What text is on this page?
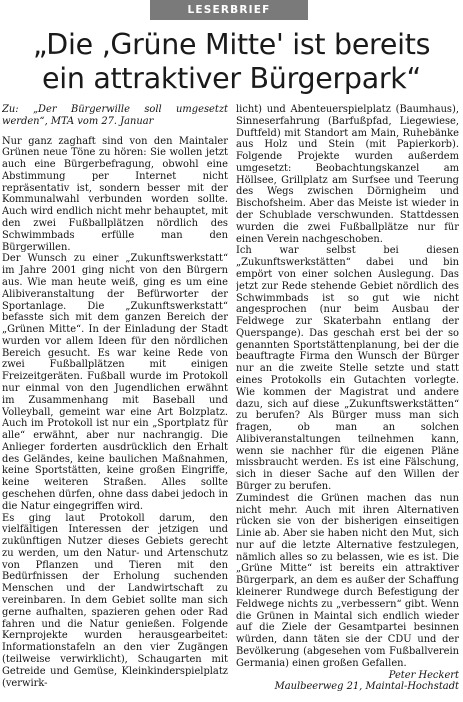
LESERBRIEF
„Die ‚Grüne Mitte' ist bereits
ein attraktiver Bürgerpark“

Zu: „Der Bürgerwille soll umgesetzt werden“, MTA vom 27. Januar

Nur ganz zaghaft sind von den Maintaler Grünen neue Töne zu hören: Sie wollen jetzt auch eine Bürgerbefragung, obwohl eine Abstimmung per Internet nicht repräsentativ ist, sondern besser mit der Kommunalwahl verbunden worden sollte. Auch wird endlich nicht mehr behauptet, mit den zwei Fußballplätzen nördlich des Schwimmbads erfülle man den Bürgerwillen.

Der Wunsch zu einer „Zukunftswerkstatt“ im Jahre 2001 ging nicht von den Bürgern aus. Wie man heute weiß, ging es um eine Alibiveranstaltung der Befürworter der Sportanlage. Die „Zukunftswerkstatt“ befasste sich mit dem ganzen Bereich der „Grünen Mitte“. In der Einladung der Stadt wurden vor allem Ideen für den nördlichen Bereich gesucht. Es war keine Rede von zwei Fußballplätzen mit einigen Freizeitgeräten. Fußball wurde im Protokoll nur einmal von den Jugendlichen erwähnt im Zusammenhang mit Baseball und Volleyball, gemeint war eine Art Bolzplatz. Auch im Protokoll ist nur ein „Sportplatz für alle“ erwähnt, aber nur nachrangig. Die Anlieger forderten ausdrücklich den Erhalt des Geländes, keine baulichen Maßnahmen, keine Sportstätten, keine großen Eingriffe, keine weiteren Straßen. Alles sollte geschehen dürfen, ohne dass dabei jedoch in die Natur eingegriffen wird.

Es ging laut Protokoll darum, den vielfältigen Interessen der jetzigen und zukünftigen Nutzer dieses Gebiets gerecht zu werden, um den Natur- und Artenschutz von Pflanzen und Tieren mit den Bedürfnissen der Erholung suchenden Menschen und der Landwirtschaft zu vereinbaren. In dem Gebiet sollte man sich gerne aufhalten, spazieren gehen oder Rad fahren und die Natur genießen. Folgende Kernprojekte wurden herausgearbeitet: Informationstafeln an den vier Zugängen (teilweise verwirklicht), Schaugarten mit Getreide und Gemüse, Kleinkinderspielplatz (verwirk-

licht) und Abenteuerspielplatz (Baumhaus), Sinneserfahrung (Barfußpfad, Liegewiese, Duftfeld) mit Standort am Main, Ruhebänke aus Holz und Stein (mit Papierkorb). Folgende Projekte wurden außerdem umgesetzt: Beobachtungskanzel am Höllsee, Grillplatz am Surfsee und Teerung des Wegs zwischen Dörnigheim und Bischofsheim. Aber das Meiste ist wieder in der Schublade verschwunden. Stattdessen wurden die zwei Fußballplätze nur für einen Verein nachgeschoben.

Ich war selbst bei diesen „Zukunftswerkstätten“ dabei und bin empört von einer solchen Auslegung. Das jetzt zur Rede stehende Gebiet nördlich des Schwimmbads ist so gut wie nicht angesprochen (nur beim Ausbau der Feldwege zur Skaterbahn entlang der Querspange). Das geschah erst bei der so genannten Sportstättenplanung, bei der die beauftragte Firma den Wunsch der Bürger nur an die zweite Stelle setzte und statt eines Protokolls ein Gutachten vorlegte. Wie kommen der Magistrat und andere dazu, sich auf diese „Zukunftswerkstätten“ zu berufen? Als Bürger muss man sich fragen, ob man an solchen Alibiveranstaltungen teilnehmen kann, wenn sie nachher für die eigenen Pläne missbraucht werden. Es ist eine Fälschung, sich in dieser Sache auf den Willen der Bürger zu berufen.

Zumindest die Grünen machen das nun nicht mehr. Auch mit ihren Alternativen rücken sie von der bisherigen einseitigen Linie ab. Aber sie haben nicht den Mut, sich nur auf die letzte Alternative festzulegen, nämlich alles so zu belassen, wie es ist. Die „Grüne Mitte“ ist bereits ein attraktiver Bürgerpark, an dem es außer der Schaffung kleinerer Rundwege durch Befestigung der Feldwege nichts zu „verbessern“ gibt. Wenn die Grünen in Maintal sich endlich wieder auf die Ziele der Gesamtpartei besinnen würden, dann täten sie der CDU und der Bevölkerung (abgesehen vom Fußballverein Germania) einen großen Gefallen.

Peter Heckert
Maulbeerweg 21, Maintal-Hochstadt
